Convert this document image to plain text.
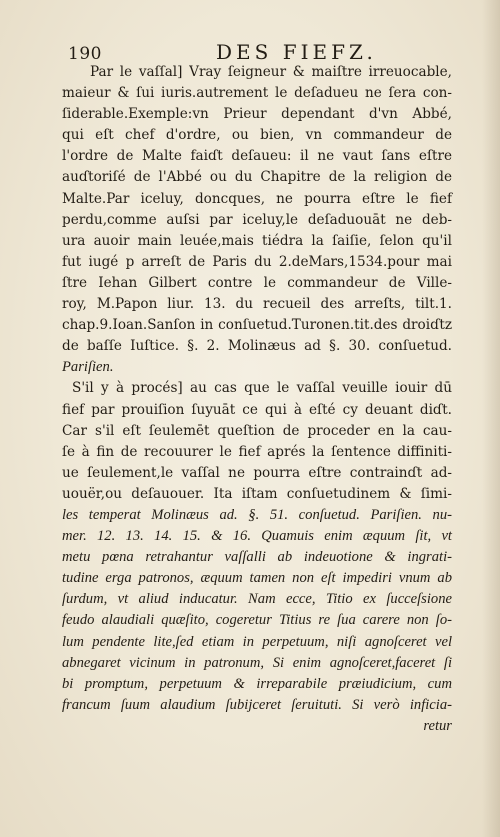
190	DES FIEFZ.
Par le vaſſal] Vray ſeigneur & maiſtre irreuocable,
maieur & ſui iuris.autrement le deſadueu ne ſera con-
ſiderable.Exemple:vn Prieur dependant d'vn Abbé,
qui eſt chef d'ordre, ou bien, vn commandeur de
l'ordre de Malte faiɗt deſaueu: il ne vaut ſans eſtre
auɗtoriſé de l'Abbé ou du Chapitre de la religion de
Malte.Par iceluy, doncques, ne pourra eſtre le fief
perdu,comme auſsi par iceluy,le deſaduouāt ne deb-
ura auoir main leuée,mais tiédra la ſaiſie, ſelon qu'il
fut iugé p arreſt de Paris du 2.deMars,1534.pour mai
ſtre Iehan Gilbert contre le commandeur de Ville-
roy, M.Papon liur. 13. du recueil des arreſts, tilt.1.
chap.9.Ioan.Sanſon in conſuetud.Turonen.tit.des droiɗtz
de baſſe Iuſtice. §. 2. Molinæus ad §. 30. conſuetud.
Pariſien.
S'il y à procés] au cas que le vaſſal veuille iouir dū
fief par prouiſion ſuyuāt ce qui à eſté cy deuant diɗt.
Car s'il eſt ſeulemēt queſtion de proceder en la cau-
ſe à fin de recouurer le fief aprés la ſentence diffiniti-
ue ſeulement,le vaſſal ne pourra eſtre contrainɗt ad-
uouër,ou deſauouer. Ita iſtam conſuetudinem & ſimi-
les temperat Molinæus ad. §. 51. conſuetud. Pariſien. nu-
mer. 12. 13. 14. 15. & 16. Quamuis enim æquum ſit, vt
metu pœna retrahantur vaſſalli ab indeuotione & ingrati-
tudine erga patronos, æquum tamen non eſt impediri vnum ab
ſurdum, vt aliud inducatur. Nam ecce, Titio ex ſucceſsione
feudo alaudiali quæſito, cogeretur Titius re ſua carere non ſo-
lum pendente lite,ſed etiam in perpetuum, niſi agnoſceret vel
abnegaret vicinum in patronum, Si enim agnoſceret,faceret ſi
bi promptum, perpetuum & irreparabile præiudicium, cum
francum ſuum alaudium ſubijceret ſeruituti. Si verò inficia-
retur
